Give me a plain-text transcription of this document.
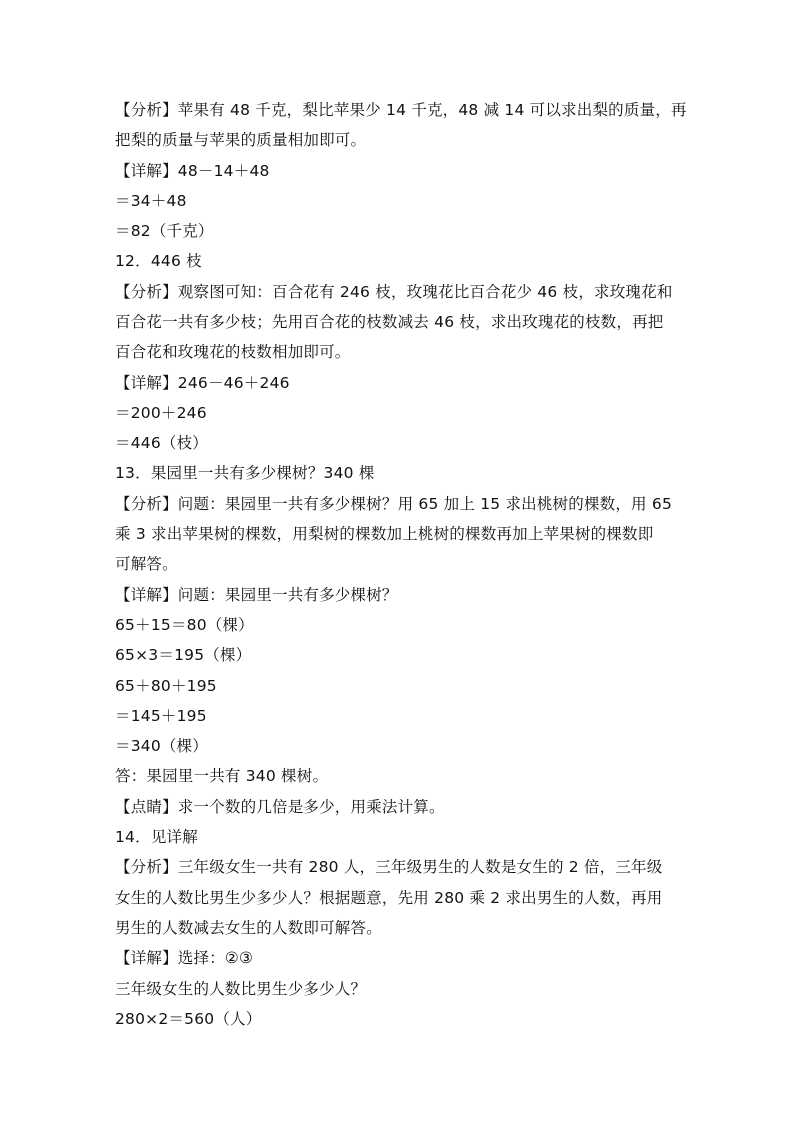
【分析】苹果有 48 千克，梨比苹果少 14 千克，48 减 14 可以求出梨的质量，再
把梨的质量与苹果的质量相加即可。
【详解】48－14＋48
＝34＋48
＝82（千克）
12．446 枝
【分析】观察图可知：百合花有 246 枝，玫瑰花比百合花少 46 枝，求玫瑰花和
百合花一共有多少枝；先用百合花的枝数减去 46 枝，求出玫瑰花的枝数，再把
百合花和玫瑰花的枝数相加即可。
【详解】246－46＋246
＝200＋246
＝446（枝）
13．果园里一共有多少棵树？340 棵
【分析】问题：果园里一共有多少棵树？用 65 加上 15 求出桃树的棵数，用 65
乘 3 求出苹果树的棵数，用梨树的棵数加上桃树的棵数再加上苹果树的棵数即
可解答。
【详解】问题：果园里一共有多少棵树？
65＋15＝80（棵）
65×3＝195（棵）
65＋80＋195
＝145＋195
＝340（棵）
答：果园里一共有 340 棵树。
【点睛】求一个数的几倍是多少，用乘法计算。
14．见详解
【分析】三年级女生一共有 280 人，三年级男生的人数是女生的 2 倍，三年级
女生的人数比男生少多少人？根据题意，先用 280 乘 2 求出男生的人数，再用
男生的人数减去女生的人数即可解答。
【详解】选择：②③
三年级女生的人数比男生少多少人？
280×2＝560（人）
